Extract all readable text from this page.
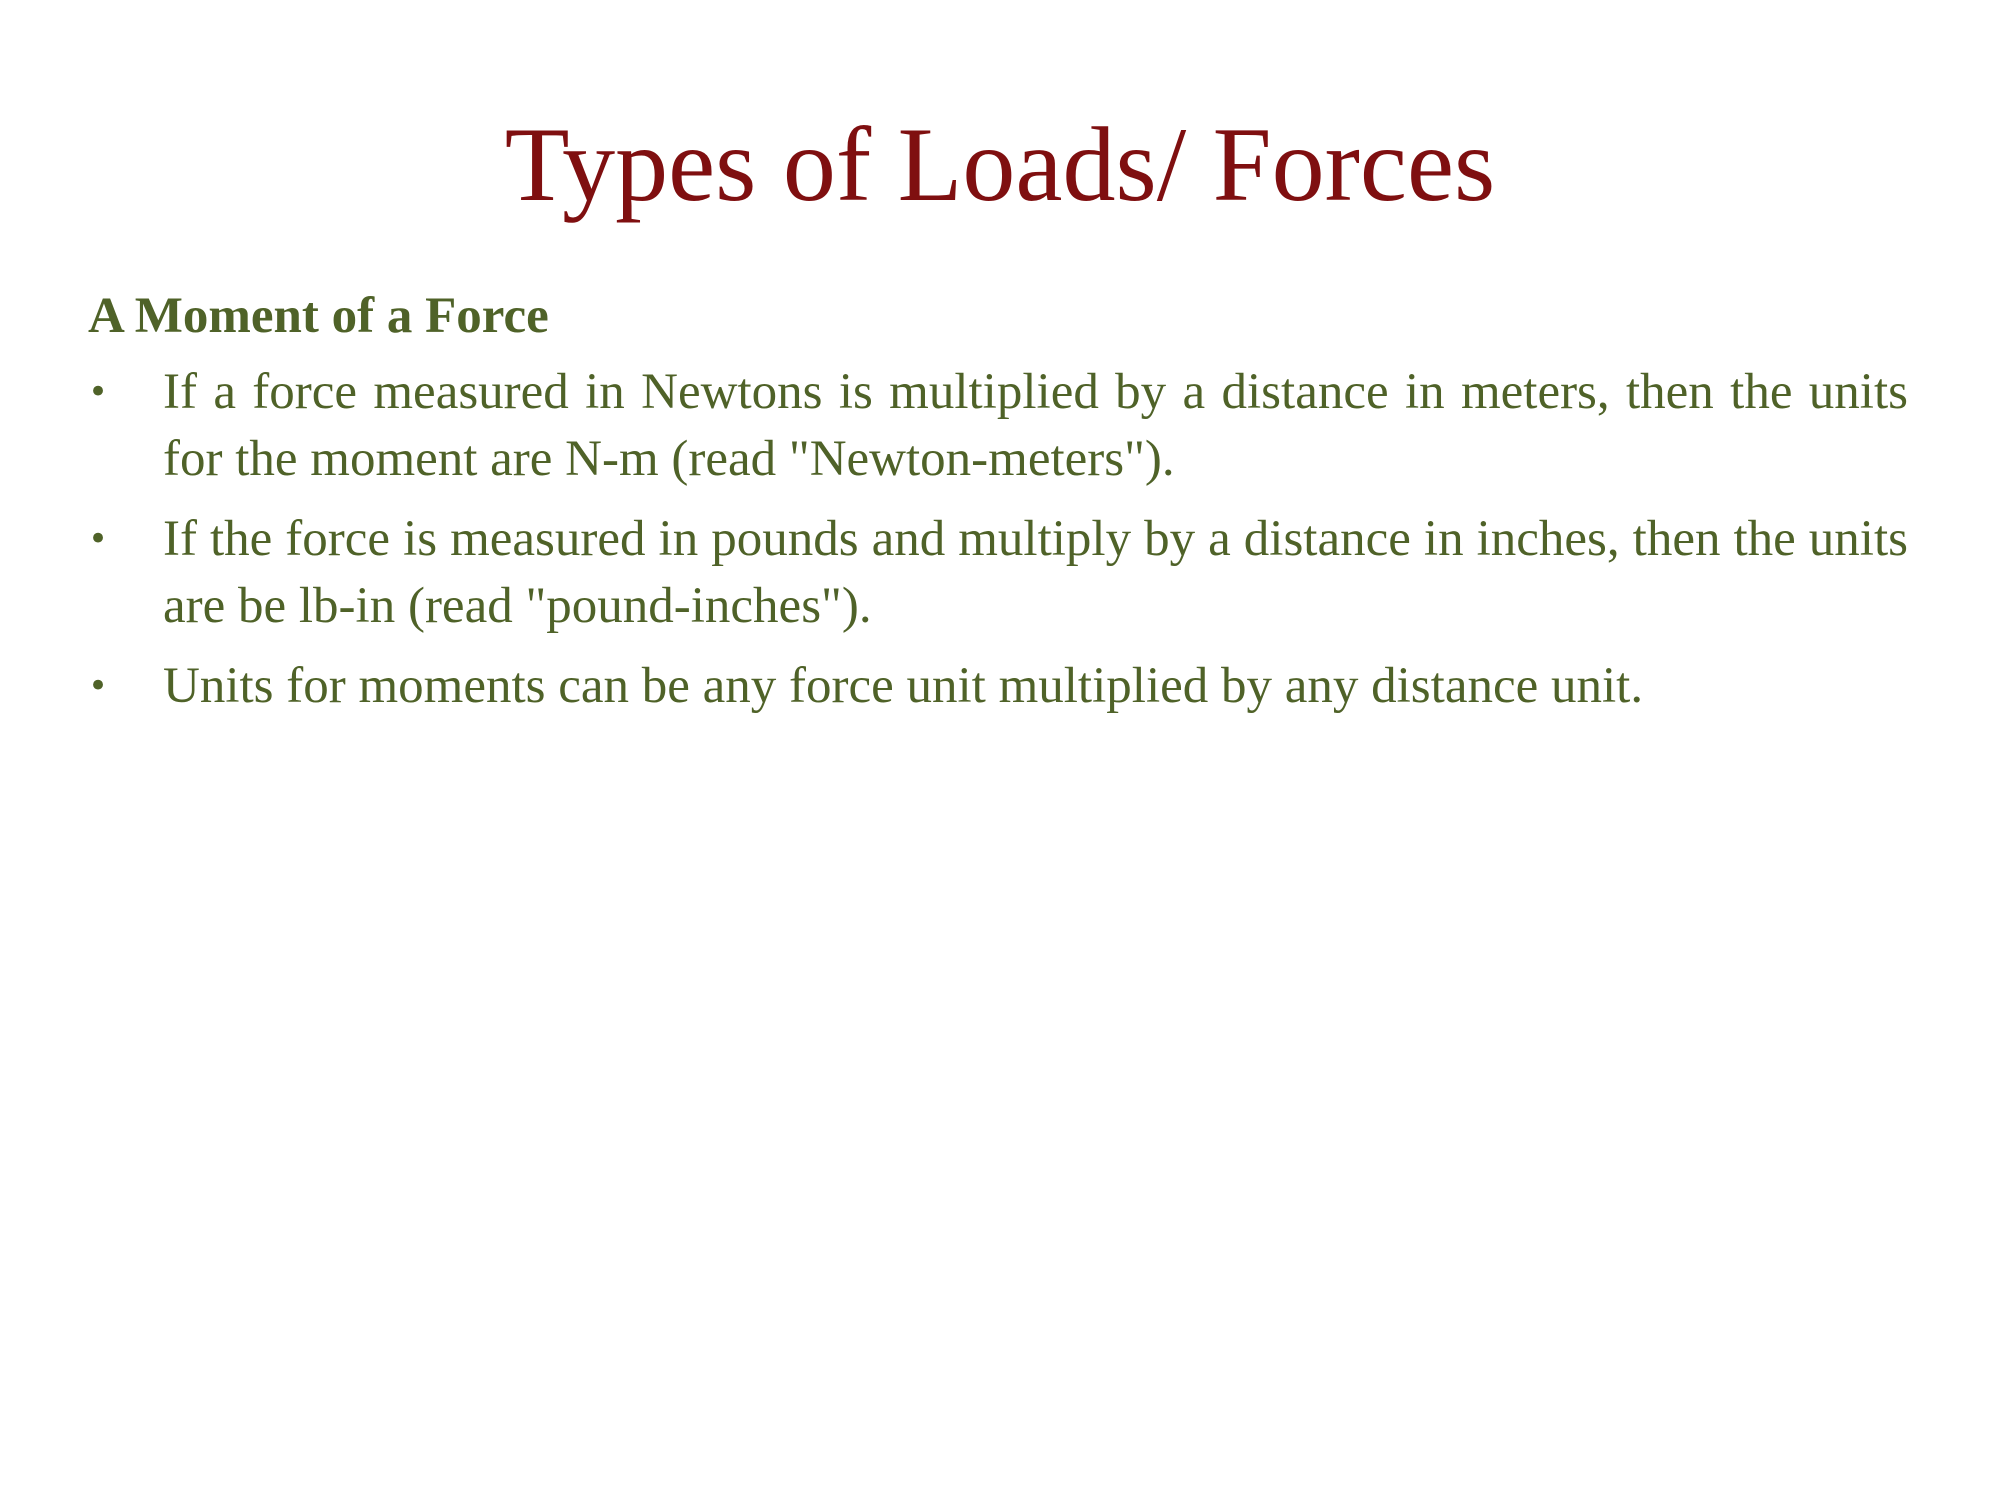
Types of Loads/ Forces
A Moment of a Force
• If a force measured in Newtons is multiplied by a distance in meters, then the units for the moment are N-m (read "Newton-meters").
• If the force is measured in pounds and multiply by a distance in inches, then the units are be lb-in (read "pound-inches").
• Units for moments can be any force unit multiplied by any distance unit.
